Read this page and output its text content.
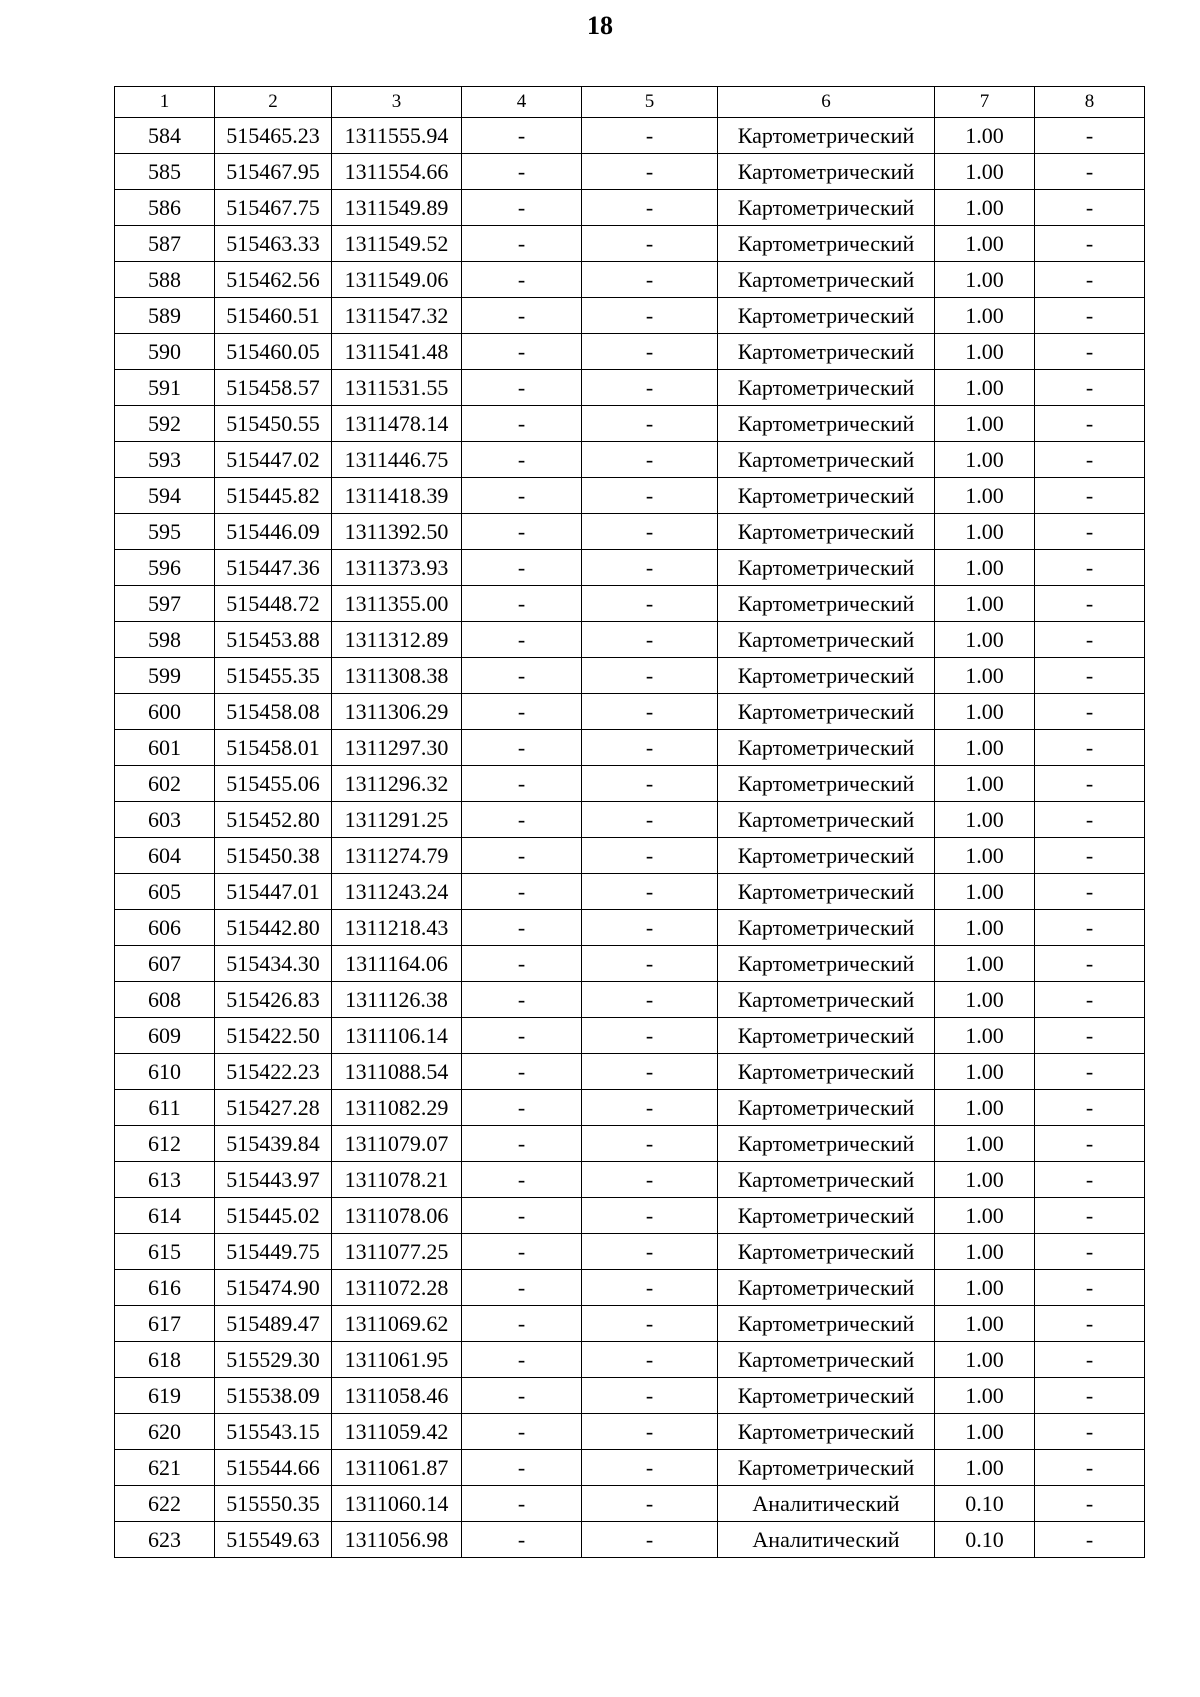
18
1	2	3	4	5	6	7	8
584	515465.23	1311555.94	-	-	Картометрический	1.00	-
585	515467.95	1311554.66	-	-	Картометрический	1.00	-
586	515467.75	1311549.89	-	-	Картометрический	1.00	-
587	515463.33	1311549.52	-	-	Картометрический	1.00	-
588	515462.56	1311549.06	-	-	Картометрический	1.00	-
589	515460.51	1311547.32	-	-	Картометрический	1.00	-
590	515460.05	1311541.48	-	-	Картометрический	1.00	-
591	515458.57	1311531.55	-	-	Картометрический	1.00	-
592	515450.55	1311478.14	-	-	Картометрический	1.00	-
593	515447.02	1311446.75	-	-	Картометрический	1.00	-
594	515445.82	1311418.39	-	-	Картометрический	1.00	-
595	515446.09	1311392.50	-	-	Картометрический	1.00	-
596	515447.36	1311373.93	-	-	Картометрический	1.00	-
597	515448.72	1311355.00	-	-	Картометрический	1.00	-
598	515453.88	1311312.89	-	-	Картометрический	1.00	-
599	515455.35	1311308.38	-	-	Картометрический	1.00	-
600	515458.08	1311306.29	-	-	Картометрический	1.00	-
601	515458.01	1311297.30	-	-	Картометрический	1.00	-
602	515455.06	1311296.32	-	-	Картометрический	1.00	-
603	515452.80	1311291.25	-	-	Картометрический	1.00	-
604	515450.38	1311274.79	-	-	Картометрический	1.00	-
605	515447.01	1311243.24	-	-	Картометрический	1.00	-
606	515442.80	1311218.43	-	-	Картометрический	1.00	-
607	515434.30	1311164.06	-	-	Картометрический	1.00	-
608	515426.83	1311126.38	-	-	Картометрический	1.00	-
609	515422.50	1311106.14	-	-	Картометрический	1.00	-
610	515422.23	1311088.54	-	-	Картометрический	1.00	-
611	515427.28	1311082.29	-	-	Картометрический	1.00	-
612	515439.84	1311079.07	-	-	Картометрический	1.00	-
613	515443.97	1311078.21	-	-	Картометрический	1.00	-
614	515445.02	1311078.06	-	-	Картометрический	1.00	-
615	515449.75	1311077.25	-	-	Картометрический	1.00	-
616	515474.90	1311072.28	-	-	Картометрический	1.00	-
617	515489.47	1311069.62	-	-	Картометрический	1.00	-
618	515529.30	1311061.95	-	-	Картометрический	1.00	-
619	515538.09	1311058.46	-	-	Картометрический	1.00	-
620	515543.15	1311059.42	-	-	Картометрический	1.00	-
621	515544.66	1311061.87	-	-	Картометрический	1.00	-
622	515550.35	1311060.14	-	-	Аналитический	0.10	-
623	515549.63	1311056.98	-	-	Аналитический	0.10	-
